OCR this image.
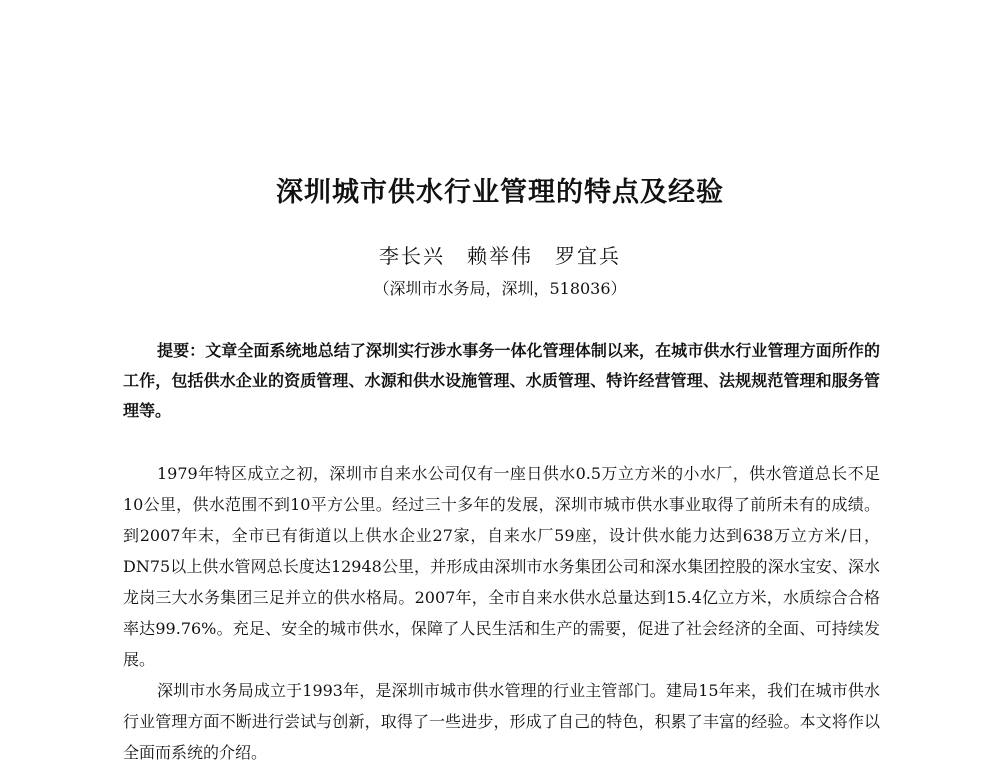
深圳城市供水行业管理的特点及经验
李长兴　赖举伟　罗宜兵
（深圳市水务局，深圳，518036）

提要：文章全面系统地总结了深圳实行涉水事务一体化管理体制以来，在城市供水行业管理方面所作的工作，包括供水企业的资质管理、水源和供水设施管理、水质管理、特许经营管理、法规规范管理和服务管理等。

1979年特区成立之初，深圳市自来水公司仅有一座日供水0.5万立方米的小水厂，供水管道总长不足10公里，供水范围不到10平方公里。经过三十多年的发展，深圳市城市供水事业取得了前所未有的成绩。到2007年末，全市已有街道以上供水企业27家，自来水厂59座，设计供水能力达到638万立方米/日，DN75以上供水管网总长度达12948公里，并形成由深圳市水务集团公司和深水集团控股的深水宝安、深水龙岗三大水务集团三足并立的供水格局。2007年，全市自来水供水总量达到15.4亿立方米，水质综合合格率达99.76%。充足、安全的城市供水，保障了人民生活和生产的需要，促进了社会经济的全面、可持续发展。

深圳市水务局成立于1993年，是深圳市城市供水管理的行业主管部门。建局15年来，我们在城市供水行业管理方面不断进行尝试与创新，取得了一些进步，形成了自己的特色，积累了丰富的经验。本文将作以全面而系统的介绍。
